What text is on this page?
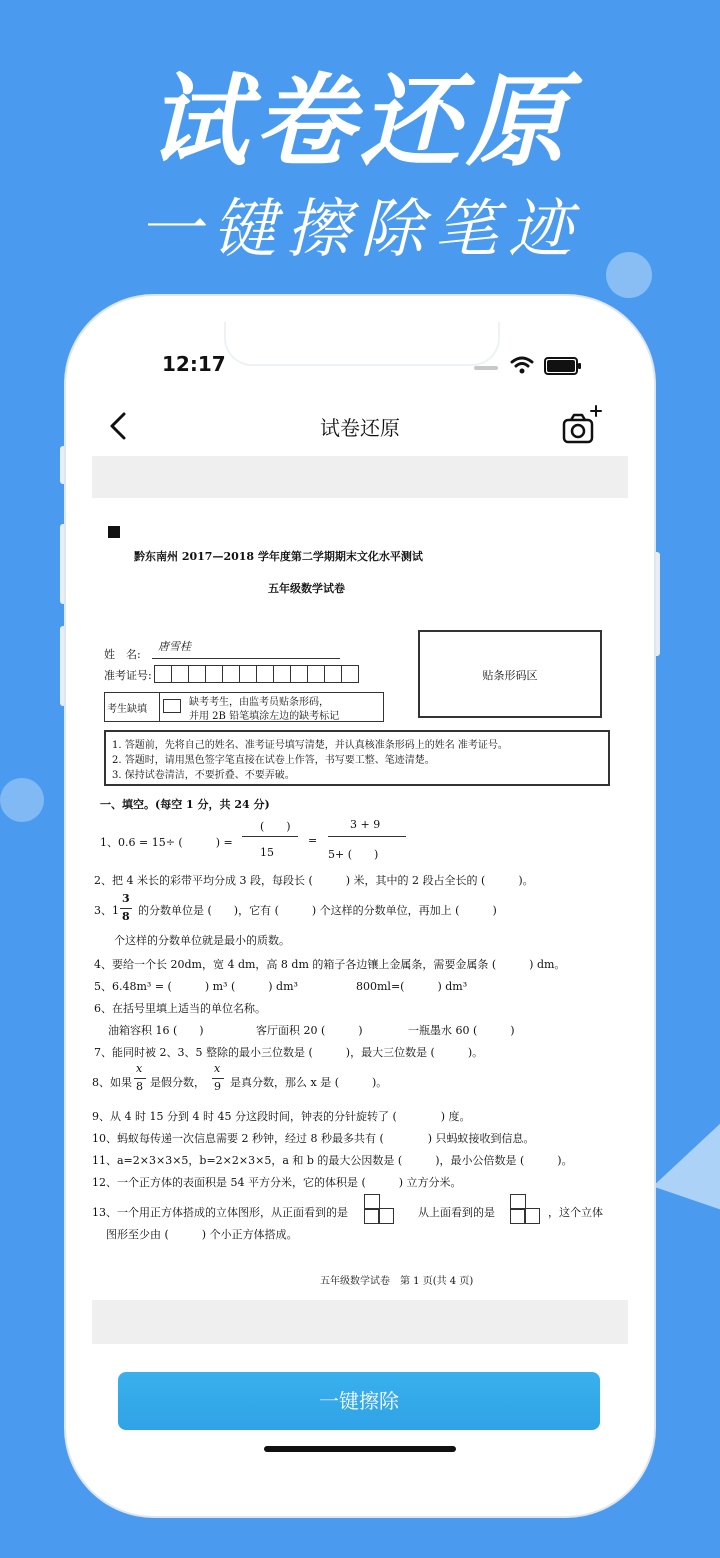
试卷还原
一键擦除笔迹
12:17
试卷还原
黔东南州 2017—2018 学年度第二学期期末文化水平测试
五年级数学试卷
姓　名:
唐雪桂
准考证号:	贴条形码区
考生缺填
缺考考生，由监考员贴条形码，
并用 2B 铅笔填涂左边的缺考标记
1. 答题前，先将自己的姓名、准考证号填写清楚，并认真核准条形码上的姓名 准考证号。
2. 答题时，请用黑色签字笔直接在试卷上作答，书写要工整、笔迹清楚。
3. 保持试卷清洁，不要折叠、不要弄破。
一、填空。(每空 1 分，共 24 分)
1、0.6 = 15÷ (　　　) =
(　　)
15
=
3 + 9
5+ (　　)
2、把 4 米长的彩带平均分成 3 段，每段长 (　　　) 米，其中的 2 段占全长的 (　　　)。
3、1
3
8 的分数单位是 (　　)，它有 (　　　) 个这样的分数单位，再加上 (　　　)
个这样的分数单位就是最小的质数。
4、要给一个长 20dm，宽 4 dm，高 8 dm 的箱子各边镶上金属条，需要金属条 (　　　) dm。
5、6.48m³ = (　　　) m³ (　　　) dm³	800ml=(　　　) dm³
6、在括号里填上适当的单位名称。
油箱容积 16 (　　)	客厅面积 20 (　　　)	一瓶墨水 60 (　　　)
7、能同时被 2、3、5 整除的最小三位数是 (　　　)，最大三位数是 (　　　)。
8、如果
x
8 是假分数，
x
9 是真分数，那么 x 是 (　　　)。
9、从 4 时 15 分到 4 时 45 分这段时间，钟表的分针旋转了 (　　　　) 度。
10、蚂蚁每传递一次信息需要 2 秒钟，经过 8 秒最多共有 (　　　　) 只蚂蚁接收到信息。
11、a=2×3×3×5，b=2×2×3×5，a 和 b 的最大公因数是 (　　　)，最小公倍数是 (　　　)。
12、一个正方体的表面积是 54 平方分米，它的体积是 (　　　) 立方分米。
13、一个用正方体搭成的立体图形，从正面看到的是	从上面看到的是	，这个立体
图形至少由 (　　　) 个小正方体搭成。
五年级数学试卷　第 1 页(共 4 页)
一键擦除
